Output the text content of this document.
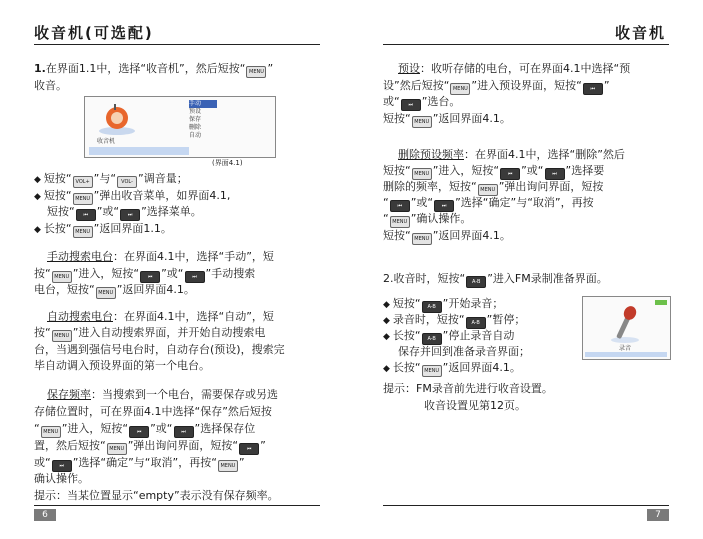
收音机(可选配)
1.在界面1.1中，选择“收音机”，然后短按“ MENU ”
收音。
收音机
手动
预设
保存
删除
自动
(界面4.1)
◆ 短按“ VOL+ ”与“ VOL- ”调音量；
◆ 短按“ MENU ”弹出收音菜单，如界面4.1,
短按“ ⏮ ”或“ ⏭ ”选择菜单。
◆ 长按“ MENU ”返回界面1.1。
手动搜索电台：在界面4.1中，选择“手动”，短
按“ MENU ”进入，短按“ ⏮ ”或“ ⏭ ”手动搜索
电台，短按“ MENU ”返回界面4.1。
自动搜索电台：在界面4.1中，选择“自动”，短
按“ MENU ”进入自动搜索界面，并开始自动搜索电
台，当遇到强信号电台时，自动存台(预设)，搜索完
毕自动调入预设界面的第一个电台。
保存频率：当搜索到一个电台，需要保存或另选
存储位置时，可在界面4.1中选择“保存”然后短按
“ MENU ”进入，短按“ ⏮ ”或“ ⏭ ”选择保存位
置，然后短按“ MENU ”弹出询问界面，短按“ ⏮ ”
或“ ⏭ ”选择“确定”与“取消”，再按“ MENU ”
确认操作。
提示：当某位置显示“empty”表示没有保存频率。
6
收音机
预设：收听存储的电台，可在界面4.1中选择“预
设”然后短按“ MENU ”进入预设界面，短按“ ⏮ ”
或“ ⏭ ”选台。
短按“ MENU ”返回界面4.1。
删除预设频率：在界面4.1中，选择“删除”然后
短按“ MENU ”进入，短按“ ⏮ ”或“ ⏭ ”选择要
删除的频率，短按“ MENU ”弹出询问界面，短按
“ ⏮ ”或“ ⏭ ”选择“确定”与“取消”，再按
“ MENU ”确认操作。
短按“ MENU ”返回界面4.1。
2.收音时，短按“ A-B ”进入FM录制准备界面。
◆ 短按“ A-B ”开始录音；
◆ 录音时，短按“ A-B ”暂停；
◆ 长按“ A-B ”停止录音自动
保存并回到准备录音界面；
◆ 长按“ MENU ”返回界面4.1。
录音
提示：FM录音前先进行收音设置。
收音设置见第12页。
7
